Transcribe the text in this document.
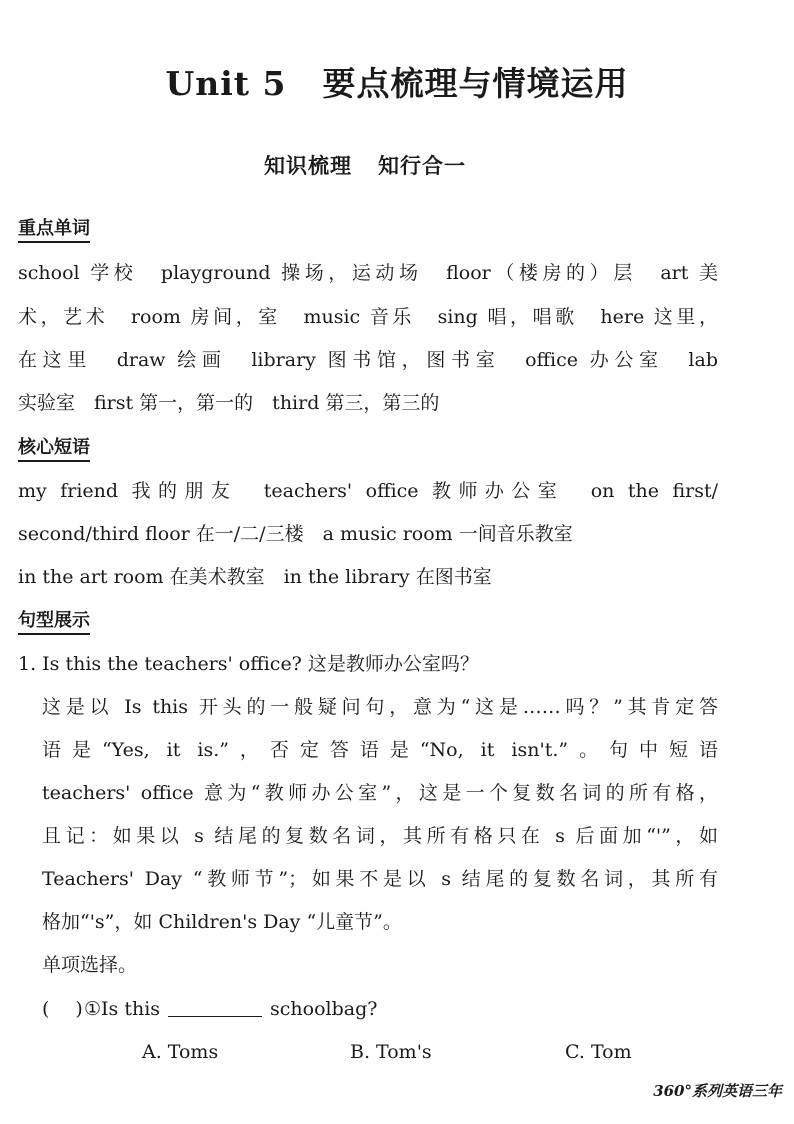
Unit 5 要点梳理与情境运用
知识梳理 知行合一
重点单词
school 学校　playground 操场，运动场　floor（楼房的）层　art 美
术，艺术　room 房间，室　music 音乐　sing 唱，唱歌　here 这里，
在这里　draw 绘画　library 图书馆，图书室　office 办公室　lab
实验室　first 第一，第一的　third 第三，第三的
核心短语
my friend 我的朋友　teachers' office 教师办公室　on the first/
second/third floor 在一/二/三楼　a music room 一间音乐教室
in the art room 在美术教室　in the library 在图书室
句型展示
1. Is this the teachers' office? 这是教师办公室吗？
这是以 Is this 开头的一般疑问句，意为“这是……吗？”其肯定答
语是“Yes, it is.”，否定答语是“No, it isn't.”。句中短语
teachers' office 意为“教师办公室”，这是一个复数名词的所有格，
且记：如果以 s 结尾的复数名词，其所有格只在 s 后面加“'”，如
Teachers' Day “教师节”；如果不是以 s 结尾的复数名词，其所有
格加“'s”，如 Children's Day “儿童节”。
单项选择。
( )①Is this	schoolbag?
A. Toms	B. Tom's	C. Tom
360°系列英语三年
